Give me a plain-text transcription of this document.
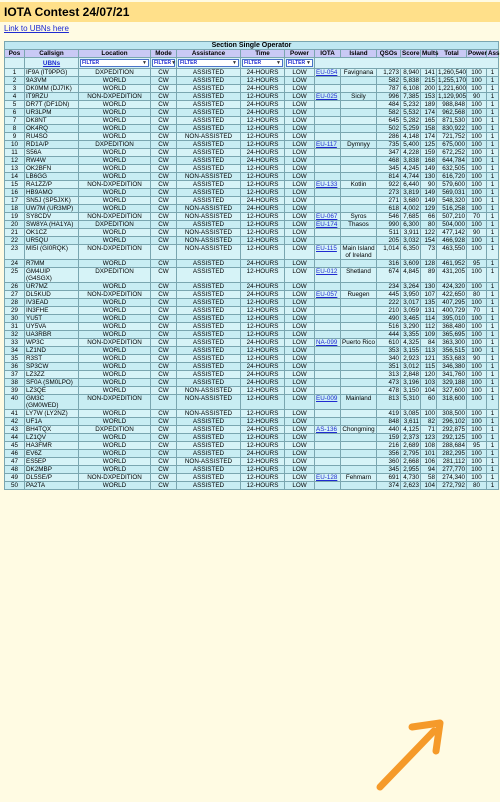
IOTA Contest 24/07/21
Link to UBNs here
Section Single Operator														
Pos	Callsign	Location	Mode	Assistance	Time	Power	IOTA	Island	QSOs	Score	Mults	Total	Power	Ass
	UBNs	FILTER ▼	FILTER ▼	FILTER ▼	FILTER ▼	FILTER ▼								

1	IF9A (IT9PPG)	DXPEDITION	CW	ASSISTED	24-HOURS	LOW	EU-054	Favignana	1,273	8,940	141	1,260,540	100	1
2	9A3VM	WORLD	CW	ASSISTED	12-HOURS	LOW			582	5,838	215	1,255,170	100	1
3	DK0MM (DJ7IK)	WORLD	CW	ASSISTED	24-HOURS	LOW			787	6,108	200	1,221,600	100	1
4	IT9RZU	NON-DXPEDITION	CW	ASSISTED	12-HOURS	LOW	EU-025	Sicily	996	7,385	153	1,129,905	90	1
5	DR7T (DF1DN)	WORLD	CW	ASSISTED	24-HOURS	LOW			484	5,232	189	988,848	100	1
6	UR3LPM	WORLD	CW	ASSISTED	24-HOURS	LOW			582	5,532	174	962,568	100	1
7	DK8NT	WORLD	CW	ASSISTED	12-HOURS	LOW			645	5,282	165	871,530	100	1
8	OK4RQ	WORLD	CW	ASSISTED	12-HOURS	LOW			502	5,259	158	830,922	100	1
9	RU4SO	WORLD	CW	NON-ASSISTED	12-HOURS	LOW			286	4,148	174	721,752	100	1
10	RD1A/P	DXPEDITION	CW	ASSISTED	12-HOURS	LOW	EU-117	Dymnyy	735	5,400	125	675,000	100	1
11	S56A	WORLD	CW	ASSISTED	24-HOURS	LOW			347	4,228	159	672,252	100	1
12	RW4W	WORLD	CW	ASSISTED	24-HOURS	LOW			468	3,838	168	644,784	100	1
13	OK2BFN	WORLD	CW	ASSISTED	12-HOURS	LOW			345	4,245	149	632,505	100	1
14	LB6GG	WORLD	CW	NON-ASSISTED	12-HOURS	LOW			814	4,744	130	616,720	100	1
15	RA1ZZ/P	NON-DXPEDITION	CW	ASSISTED	12-HOURS	LOW	EU-133	Kotlin	922	6,440	90	579,600	100	1
16	HB9AMO	WORLD	CW	ASSISTED	12-HOURS	LOW			273	3,819	149	569,031	100	1
17	SN5J (SP5JXK)	WORLD	CW	ASSISTED	24-HOURS	LOW			271	3,680	149	548,320	100	1
18	UW7M (UR3MP)	WORLD	CW	NON-ASSISTED	24-HOURS	LOW			618	4,002	129	516,258	100	1
19	SY8CDV	NON-DXPEDITION	CW	NON-ASSISTED	12-HOURS	LOW	EU-067	Syros	546	7,685	66	507,210	70	1
20	SW8YA (HA1YA)	DXPEDITION	CW	ASSISTED	12-HOURS	LOW	EU-174	Thasos	990	6,300	80	504,000	100	1
21	OK1CZ	WORLD	CW	NON-ASSISTED	12-HOURS	LOW			511	3,911	122	477,142	90	1
22	UR5QU	WORLD	CW	NON-ASSISTED	12-HOURS	LOW			205	3,032	154	466,928	100	1
23	MI5I (GI0RQK)	NON-DXPEDITION	CW	NON-ASSISTED	12-HOURS	LOW	EU-115	Main Island of Ireland	1,014	6,350	73	463,550	100	1
24	R7MM	WORLD	CW	ASSISTED	24-HOURS	LOW			316	3,609	128	461,952	95	1
25	GM4UIP (G4SGX)	DXPEDITION	CW	ASSISTED	12-HOURS	LOW	EU-012	Shetland	674	4,845	89	431,205	100	1
26	UR7MZ	WORLD	CW	ASSISTED	24-HOURS	LOW			234	3,264	130	424,320	100	1
27	DL5KUD	NON-DXPEDITION	CW	ASSISTED	24-HOURS	LOW	EU-057	Ruegen	445	3,950	107	422,650	80	1
28	IV3EAD	WORLD	CW	ASSISTED	12-HOURS	LOW			222	3,017	135	407,295	100	1
29	IN3FHE	WORLD	CW	ASSISTED	12-HOURS	LOW			210	3,059	131	400,729	70	1
30	YU5T	WORLD	CW	ASSISTED	12-HOURS	LOW			490	3,465	114	395,010	100	1
31	UY5VA	WORLD	CW	ASSISTED	12-HOURS	LOW			516	3,290	112	368,480	100	1
32	UA3RBR	WORLD	CW	ASSISTED	12-HOURS	LOW			444	3,355	109	365,695	100	1
33	WP3C	NON-DXPEDITION	CW	ASSISTED	24-HOURS	LOW	NA-099	Puerto Rico	610	4,325	84	363,300	100	1
34	LZ1ND	WORLD	CW	ASSISTED	12-HOURS	LOW			353	3,155	113	356,515	100	1
35	R3ST	WORLD	CW	ASSISTED	12-HOURS	LOW			340	2,923	121	353,683	90	1
36	SP3CW	WORLD	CW	ASSISTED	24-HOURS	LOW			351	3,012	115	346,380	100	1
37	LZ3ZZ	WORLD	CW	ASSISTED	24-HOURS	LOW			313	2,848	120	341,760	100	1
38	SF0A (SM0LPO)	WORLD	CW	ASSISTED	24-HOURS	LOW			473	3,196	103	329,188	100	1
39	LZ3QE	WORLD	CW	NON-ASSISTED	12-HOURS	LOW			478	3,150	104	327,600	100	1
40	GM3C (GM0WED)	NON-DXPEDITION	CW	NON-ASSISTED	12-HOURS	LOW	EU-009	Mainland	813	5,310	60	318,600	100	1
41	LY7W (LY2NZ)	WORLD	CW	NON-ASSISTED	12-HOURS	LOW			419	3,085	100	308,500	100	1
42	UF1A	WORLD	CW	ASSISTED	12-HOURS	LOW			848	3,611	82	296,102	100	1
43	BH4TQX	DXPEDITION	CW	ASSISTED	24-HOURS	LOW	AS-136	Chongming	440	4,125	71	292,875	100	1
44	LZ1QV	WORLD	CW	ASSISTED	12-HOURS	LOW			159	2,373	123	292,125	100	1
45	HA3FMR	WORLD	CW	ASSISTED	12-HOURS	LOW			216	2,689	108	288,684	95	1
46	EV6Z	WORLD	CW	ASSISTED	24-HOURS	LOW			356	2,795	101	282,295	100	1
47	ES5EP	WORLD	CW	NON-ASSISTED	12-HOURS	LOW			360	2,668	106	281,112	100	1
48	DK2MBP	WORLD	CW	ASSISTED	12-HOURS	LOW			345	2,955	94	277,770	100	1
49	DL5SE/P	NON-DXPEDITION	CW	ASSISTED	12-HOURS	LOW	EU-128	Fehmarn	691	4,730	58	274,340	100	1
50	PA2TA	WORLD	CW	ASSISTED	12-HOURS	LOW			374	2,623	104	272,792	80	1
